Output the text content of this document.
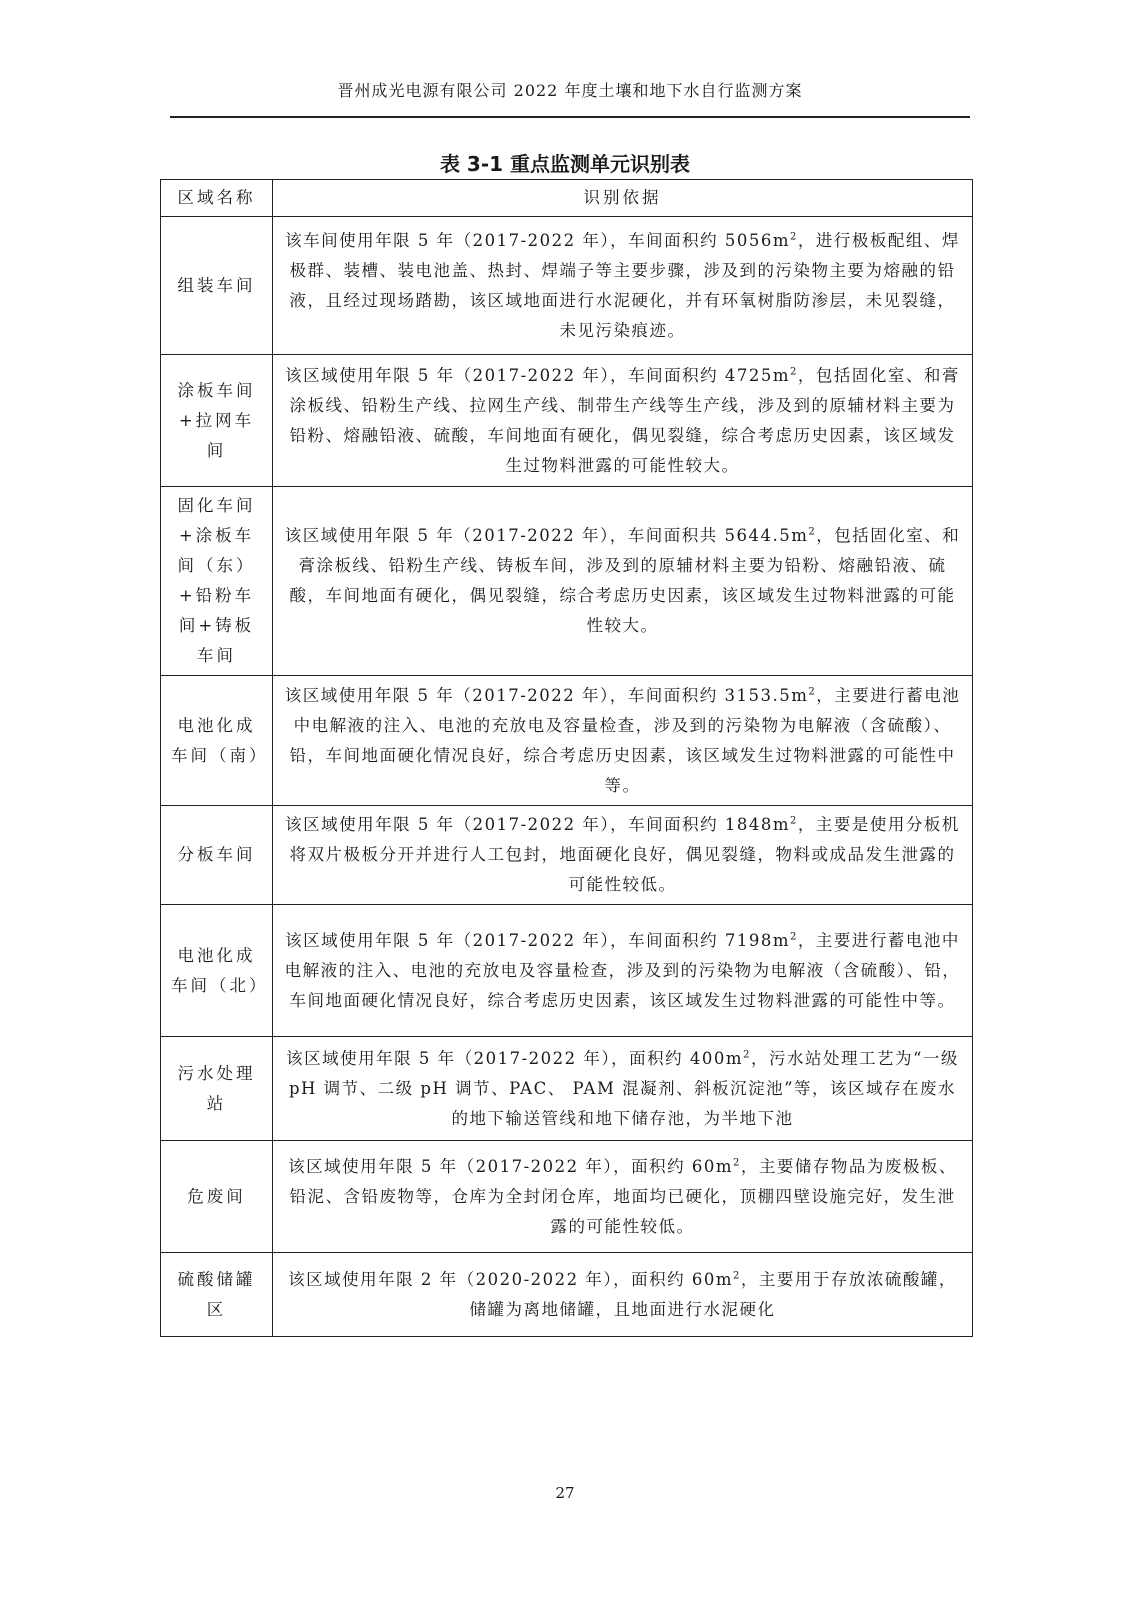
晋州成光电源有限公司 2022 年度土壤和地下水自行监测方案
表 3-1 重点监测单元识别表
区域名称	识别依据
组装车间	该车间使用年限 5 年（2017-2022 年），车间面积约 $5056m^2$，进行极板配组、焊极群、装槽、装电池盖、热封、焊端子等主要步骤，涉及到的污染物主要为熔融的铅液，且经过现场踏勘，该区域地面进行水泥硬化，并有环氧树脂防渗层，未见裂缝，未见污染痕迹。
涂板车间+拉网车间	该区域使用年限 5 年（2017-2022 年），车间面积约 $4725m^2$，包括固化室、和膏涂板线、铅粉生产线、拉网生产线、制带生产线等生产线，涉及到的原辅材料主要为铅粉、熔融铅液、硫酸，车间地面有硬化，偶见裂缝，综合考虑历史因素，该区域发生过物料泄露的可能性较大。
固化车间+涂板车间（东）+铅粉车间+铸板车间	该区域使用年限 5 年（2017-2022 年），车间面积共 $5644.5m^2$，包括固化室、和膏涂板线、铅粉生产线、铸板车间，涉及到的原辅材料主要为铅粉、熔融铅液、硫酸，车间地面有硬化，偶见裂缝，综合考虑历史因素，该区域发生过物料泄露的可能性较大。
电池化成车间（南）	该区域使用年限 5 年（2017-2022 年），车间面积约 $3153.5m^2$，主要进行蓄电池中电解液的注入、电池的充放电及容量检查，涉及到的污染物为电解液（含硫酸）、铅，车间地面硬化情况良好，综合考虑历史因素，该区域发生过物料泄露的可能性中等。
分板车间	该区域使用年限 5 年（2017-2022 年），车间面积约 $1848m^2$，主要是使用分板机将双片极板分开并进行人工包封，地面硬化良好，偶见裂缝，物料或成品发生泄露的可能性较低。
电池化成车间（北）	该区域使用年限 5 年（2017-2022 年），车间面积约 $7198m^2$，主要进行蓄电池中电解液的注入、电池的充放电及容量检查，涉及到的污染物为电解液（含硫酸）、铅，车间地面硬化情况良好，综合考虑历史因素，该区域发生过物料泄露的可能性中等。
污水处理站	该区域使用年限 5 年（2017-2022 年），面积约 $400m^2$，污水站处理工艺为“一级 pH 调节、二级 pH 调节、PAC、 PAM 混凝剂、斜板沉淀池”等，该区域存在废水的地下输送管线和地下储存池，为半地下池
危废间	该区域使用年限 5 年（2017-2022 年），面积约 $60m^2$，主要储存物品为废极板、铅泥、含铅废物等，仓库为全封闭仓库，地面均已硬化，顶棚四壁设施完好，发生泄露的可能性较低。
硫酸储罐区	该区域使用年限 2 年（2020-2022 年），面积约 $60m^2$，主要用于存放浓硫酸罐，储罐为离地储罐，且地面进行水泥硬化
27
